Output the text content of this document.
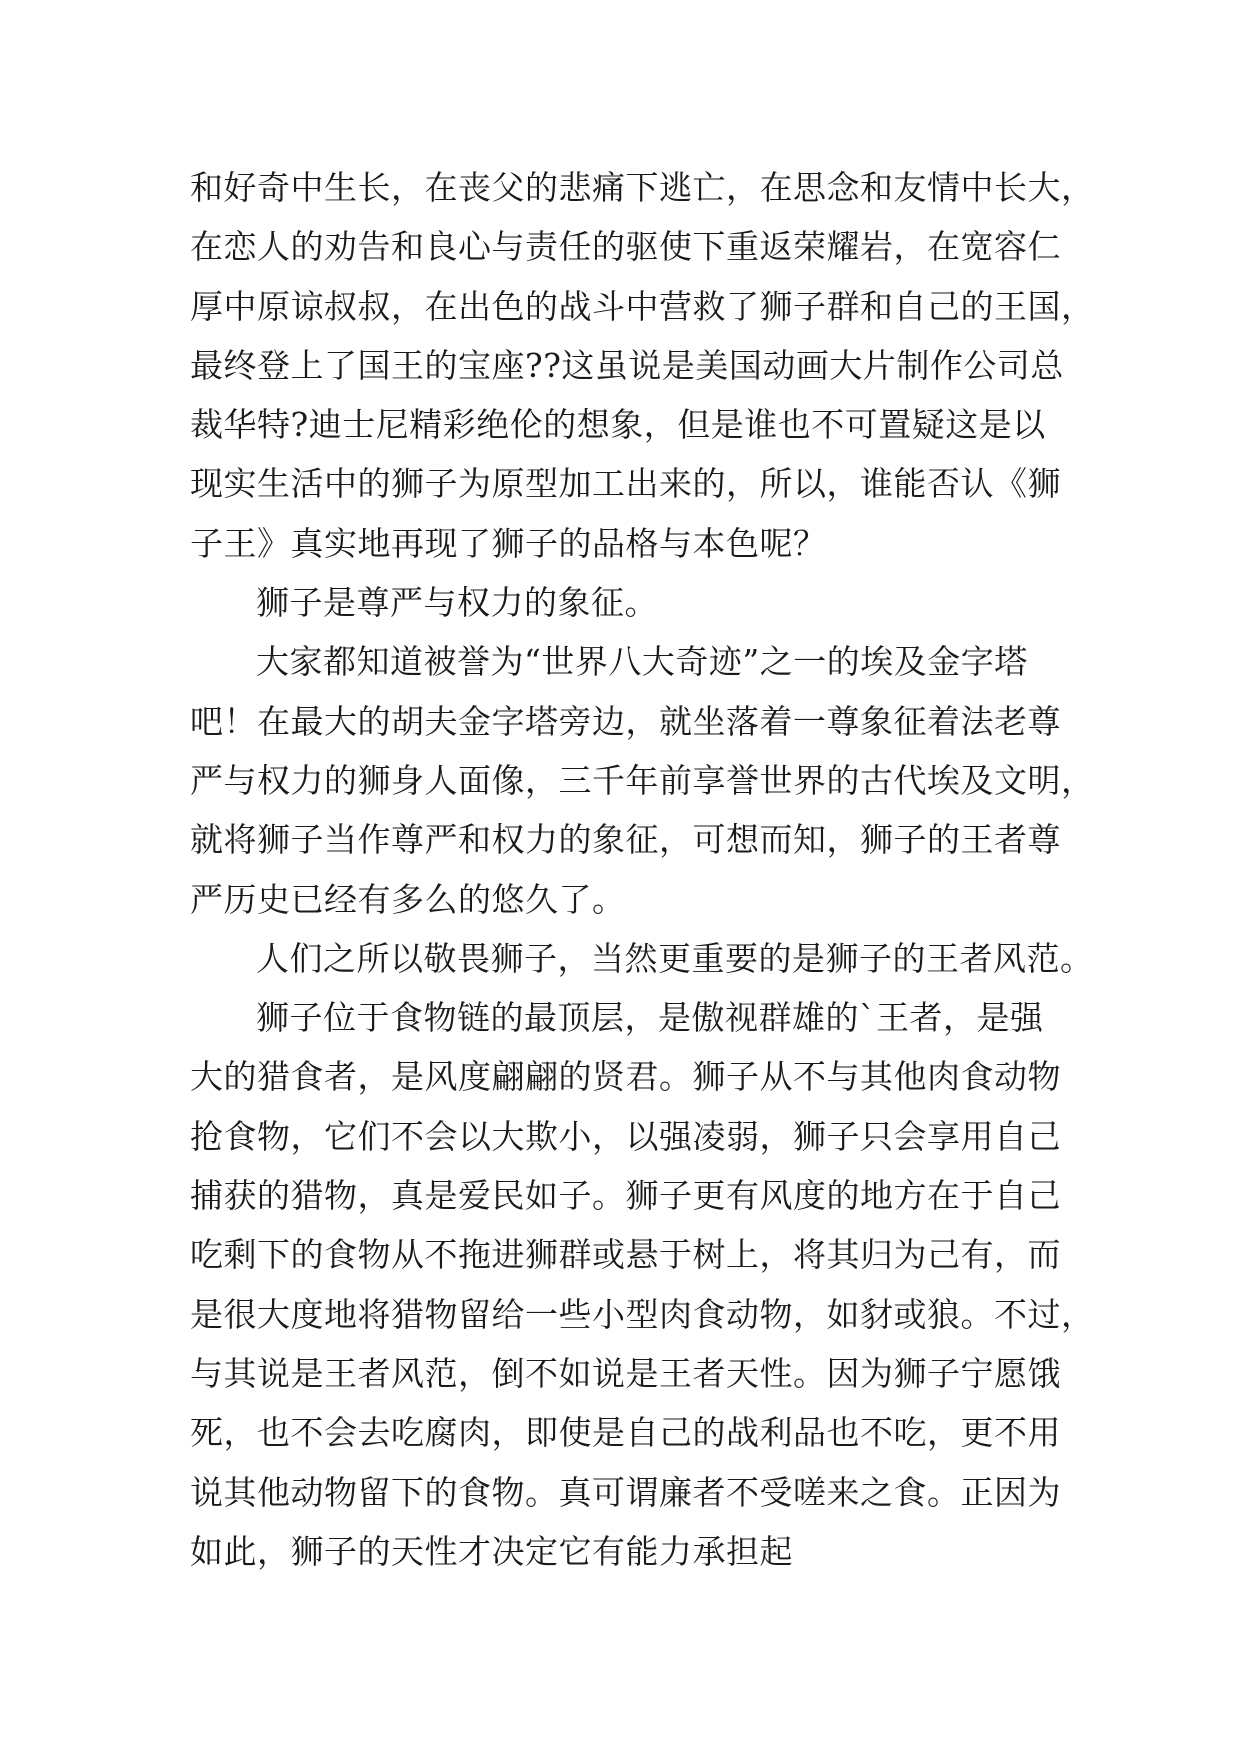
和好奇中生长，在丧父的悲痛下逃亡，在思念和友情中长大，
在恋人的劝告和良心与责任的驱使下重返荣耀岩，在宽容仁
厚中原谅叔叔，在出色的战斗中营救了狮子群和自己的王国，
最终登上了国王的宝座??这虽说是美国动画大片制作公司总
裁华特?迪士尼精彩绝伦的想象，但是谁也不可置疑这是以
现实生活中的狮子为原型加工出来的，所以，谁能否认《狮
子王》真实地再现了狮子的品格与本色呢？
狮子是尊严与权力的象征。
大家都知道被誉为“世界八大奇迹”之一的埃及金字塔
吧！在最大的胡夫金字塔旁边，就坐落着一尊象征着法老尊
严与权力的狮身人面像，三千年前享誉世界的古代埃及文明，
就将狮子当作尊严和权力的象征，可想而知，狮子的王者尊
严历史已经有多么的悠久了。
人们之所以敬畏狮子，当然更重要的是狮子的王者风范。
狮子位于食物链的最顶层，是傲视群雄的`王者，是强
大的猎食者，是风度翩翩的贤君。狮子从不与其他肉食动物
抢食物，它们不会以大欺小，以强凌弱，狮子只会享用自己
捕获的猎物，真是爱民如子。狮子更有风度的地方在于自己
吃剩下的食物从不拖进狮群或悬于树上，将其归为己有，而
是很大度地将猎物留给一些小型肉食动物，如豺或狼。不过，
与其说是王者风范，倒不如说是王者天性。因为狮子宁愿饿
死，也不会去吃腐肉，即使是自己的战利品也不吃，更不用
说其他动物留下的食物。真可谓廉者不受嗟来之食。正因为
如此，狮子的天性才决定它有能力承担起
